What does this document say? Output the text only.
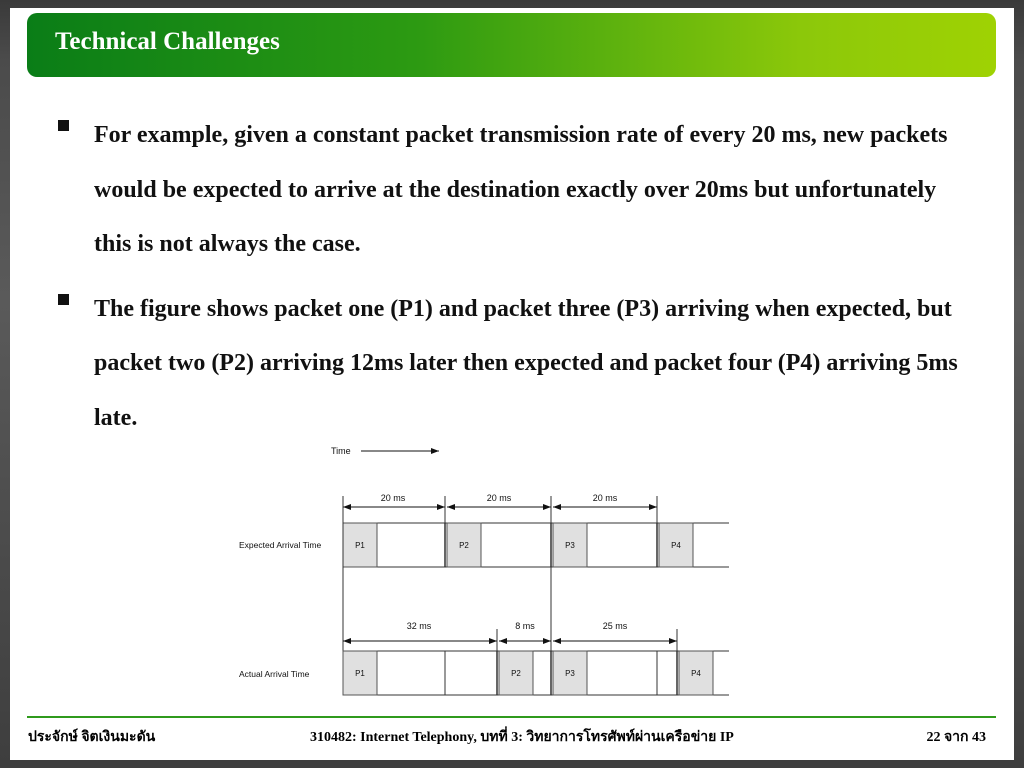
Technical Challenges
For example, given a constant packet transmission rate of every 20 ms, new packets would be expected to arrive at the destination exactly over 20ms but unfortunately this is not always the case.
The figure shows packet one (P1) and packet three (P3) arriving when expected, but packet two (P2) arriving 12ms later then expected and packet four (P4) arriving 5ms late.
Time
20 ms	20 ms	20 ms
Expected Arrival Time	P1	P2	P3	P4
32 ms	8 ms	25 ms
Actual Arrival Time	P1	P2	P3	P4
ประจักษ์ จิตเงินมะดัน	310482: Internet Telephony, บทที่ 3: วิทยาการโทรศัพท์ผ่านเครือข่าย IP	22 จาก 43
